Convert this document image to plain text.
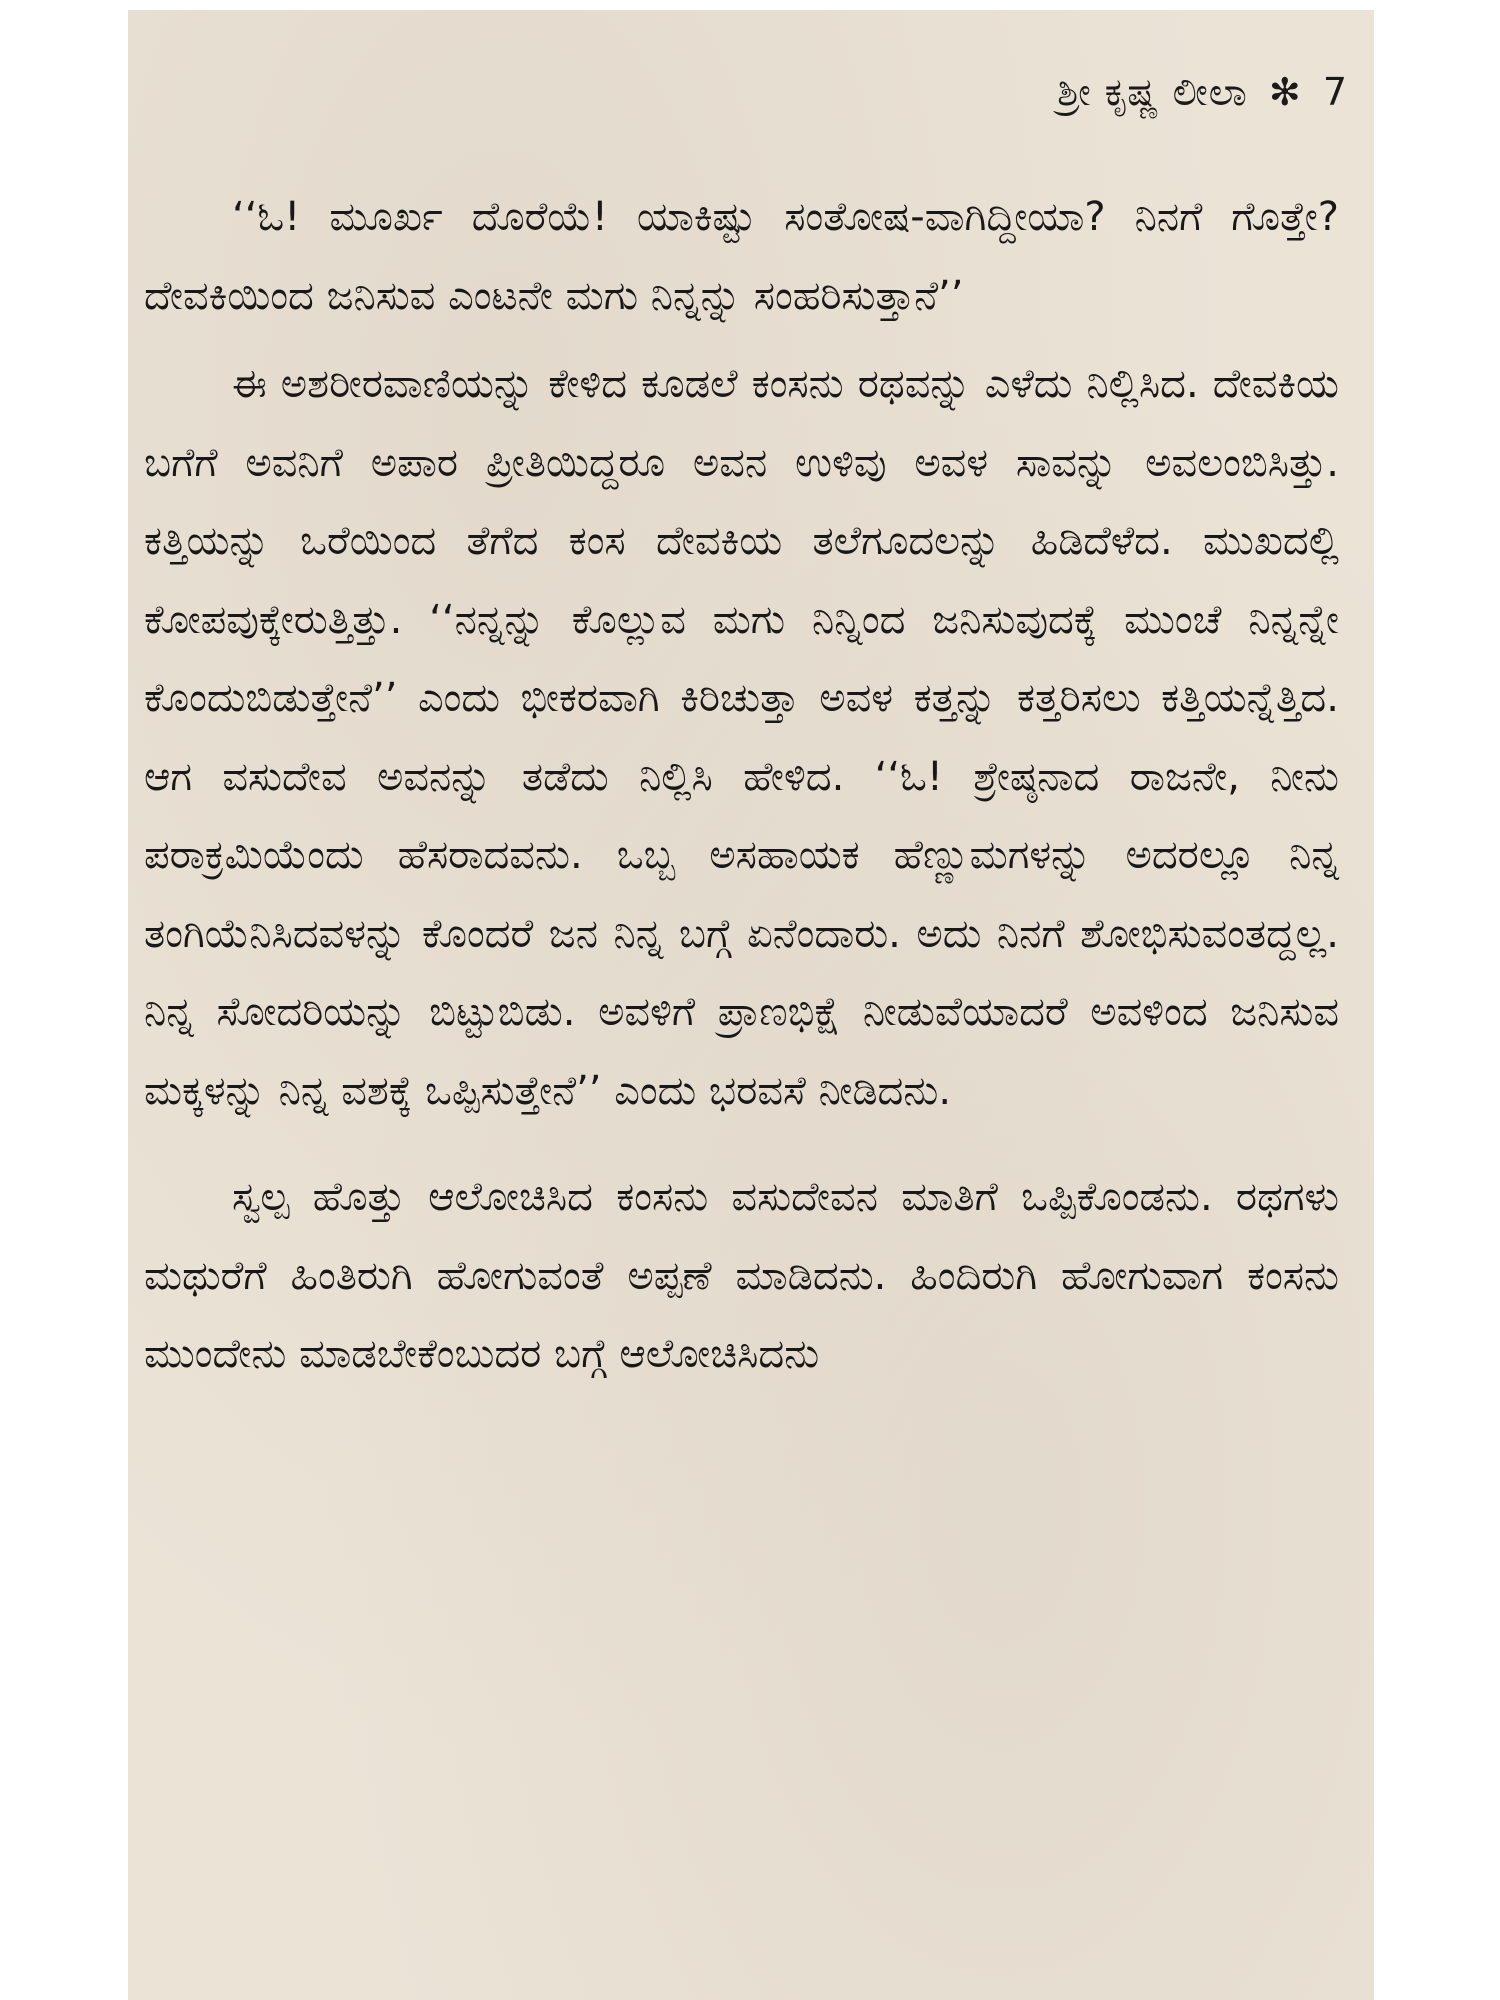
ಶ್ರೀ ಕೃಷ್ಣ ಲೀಲಾ ✻ 7

‘‘ಓ! ಮೂರ್ಖ ದೊರೆಯೆ! ಯಾಕಿಷ್ಟು ಸಂತೋಷ-ವಾಗಿದ್ದೀಯಾ? ನಿನಗೆ ಗೊತ್ತೇ? ದೇವಕಿಯಿಂದ ಜನಿಸುವ ಎಂಟನೇ ಮಗು ನಿನ್ನನ್ನು ಸಂಹರಿಸುತ್ತಾನೆ’’

ಈ ಅಶರೀರವಾಣಿಯನ್ನು ಕೇಳಿದ ಕೂಡಲೆ ಕಂಸನು ರಥವನ್ನು ಎಳೆದು ನಿಲ್ಲಿಸಿದ. ದೇವಕಿಯ ಬಗೆಗೆ ಅವನಿಗೆ ಅಪಾರ ಪ್ರೀತಿಯಿದ್ದರೂ ಅವನ ಉಳಿವು ಅವಳ ಸಾವನ್ನು ಅವಲಂಬಿಸಿತ್ತು. ಕತ್ತಿಯನ್ನು ಒರೆಯಿಂದ ತೆಗೆದ ಕಂಸ ದೇವಕಿಯ ತಲೆಗೂದಲನ್ನು ಹಿಡಿದೆಳೆದ. ಮುಖದಲ್ಲಿ ಕೋಪವುಕ್ಕೇರುತ್ತಿತ್ತು. ‘‘ನನ್ನನ್ನು ಕೊಲ್ಲುವ ಮಗು ನಿನ್ನಿಂದ ಜನಿಸುವುದಕ್ಕೆ ಮುಂಚೆ ನಿನ್ನನ್ನೇ ಕೊಂದುಬಿಡುತ್ತೇನೆ’’ ಎಂದು ಭೀಕರವಾಗಿ ಕಿರಿಚುತ್ತಾ ಅವಳ ಕತ್ತನ್ನು ಕತ್ತರಿಸಲು ಕತ್ತಿಯನ್ನೆತ್ತಿದ. ಆಗ ವಸುದೇವ ಅವನನ್ನು ತಡೆದು ನಿಲ್ಲಿಸಿ ಹೇಳಿದ. ‘‘ಓ! ಶ್ರೇಷ್ಠನಾದ ರಾಜನೇ, ನೀನು ಪರಾಕ್ರಮಿಯೆಂದು ಹೆಸರಾದವನು. ಒಬ್ಬ ಅಸಹಾಯಕ ಹೆಣ್ಣುಮಗಳನ್ನು ಅದರಲ್ಲೂ ನಿನ್ನ ತಂಗಿಯೆನಿಸಿದವಳನ್ನು ಕೊಂದರೆ ಜನ ನಿನ್ನ ಬಗ್ಗೆ ಏನೆಂದಾರು. ಅದು ನಿನಗೆ ಶೋಭಿಸುವಂತದ್ದಲ್ಲ. ನಿನ್ನ ಸೋದರಿಯನ್ನು ಬಿಟ್ಟುಬಿಡು. ಅವಳಿಗೆ ಪ್ರಾಣಭಿಕ್ಷೆ ನೀಡುವೆಯಾದರೆ ಅವಳಿಂದ ಜನಿಸುವ ಮಕ್ಕಳನ್ನು ನಿನ್ನ ವಶಕ್ಕೆ ಒಪ್ಪಿಸುತ್ತೇನೆ’’ ಎಂದು ಭರವಸೆ ನೀಡಿದನು.

ಸ್ವಲ್ಪ ಹೊತ್ತು ಆಲೋಚಿಸಿದ ಕಂಸನು ವಸುದೇವನ ಮಾತಿಗೆ ಒಪ್ಪಿಕೊಂಡನು. ರಥಗಳು ಮಥುರೆಗೆ ಹಿಂತಿರುಗಿ ಹೋಗುವಂತೆ ಅಪ್ಪಣೆ ಮಾಡಿದನು. ಹಿಂದಿರುಗಿ ಹೋಗುವಾಗ ಕಂಸನು ಮುಂದೇನು ಮಾಡಬೇಕೆಂಬುದರ ಬಗ್ಗೆ ಆಲೋಚಿಸಿದನು
